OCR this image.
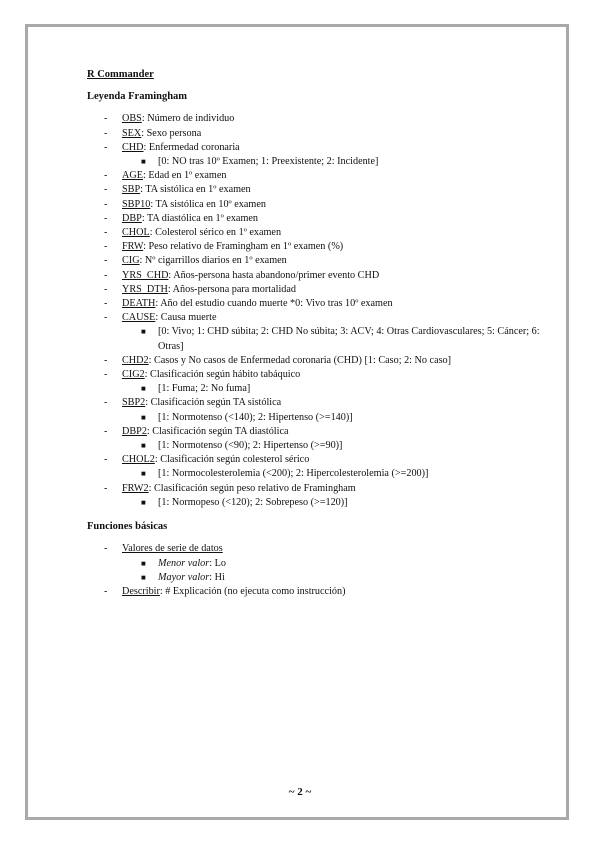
R Commander
Leyenda Framingham
- OBS: Número de individuo
- SEX: Sexo persona
- CHD: Enfermedad coronaria
■ [0: NO tras 10º Examen; 1: Preexistente; 2: Incidente]
- AGE: Edad en 1º examen
- SBP: TA sistólica en 1º examen
- SBP10: TA sistólica en 10º examen
- DBP: TA diastólica en 1º examen
- CHOL: Colesterol sérico en 1º examen
- FRW: Peso relativo de Framingham en 1º examen (%)
- CIG: Nº cigarrillos diarios en 1º examen
- YRS_CHD: Años-persona hasta abandono/primer evento CHD
- YRS_DTH: Años-persona para mortalidad
- DEATH: Año del estudio cuando muerte *0: Vivo tras 10º examen
- CAUSE: Causa muerte
■ [0: Vivo; 1: CHD súbita; 2: CHD No súbita; 3: ACV; 4: Otras Cardiovasculares; 5: Cáncer; 6: Otras]
- CHD2: Casos y No casos de Enfermedad coronaria (CHD) [1: Caso; 2: No caso]
- CIG2: Clasificación según hábito tabáquico
■ [1: Fuma; 2: No fuma]
- SBP2: Clasificación según TA sistólica
■ [1: Normotenso (<140); 2: Hipertenso (>=140)]
- DBP2: Clasificación según TA diastólica
■ [1: Normotenso (<90); 2: Hipertenso (>=90)]
- CHOL2: Clasificación según colesterol sérico
■ [1: Normocolesterolemia (<200); 2: Hipercolesterolemia (>=200)]
- FRW2: Clasificación según peso relativo de Framingham
■ [1: Normopeso (<120); 2: Sobrepeso (>=120)]
Funciones básicas
- Valores de serie de datos
■ Menor valor: Lo
■ Mayor valor: Hi
- Describir: # Explicación (no ejecuta como instrucción)
~ 2 ~
